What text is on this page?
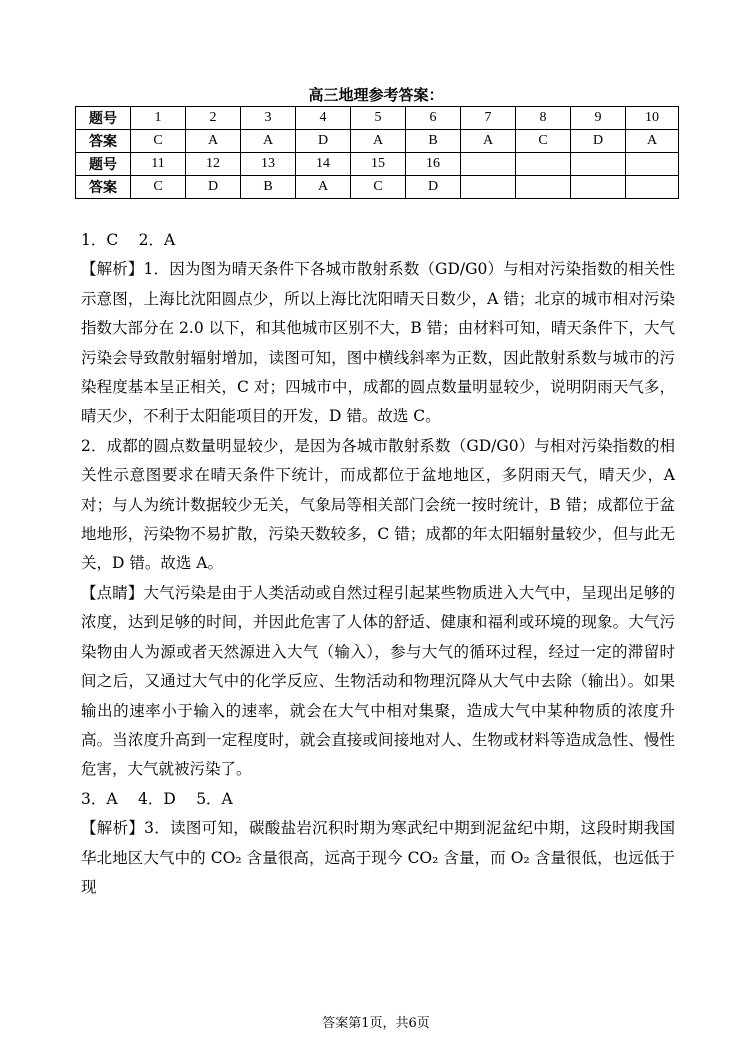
高三地理参考答案：
题号	1	2	3	4	5	6	7	8	9	10
答案	C	A	A	D	A	B	A	C	D	A
题号	11	12	13	14	15	16				
答案	C	D	B	A	C	D				

1．C　 2．A

【解析】1．因为图为晴天条件下各城市散射系数（GD/G0）与相对污染指数的相关性示意图，上海比沈阳圆点少，所以上海比沈阳晴天日数少，A 错；北京的城市相对污染指数大部分在 2.0 以下，和其他城市区别不大，B 错；由材料可知，晴天条件下，大气污染会导致散射辐射增加，读图可知，图中横线斜率为正数，因此散射系数与城市的污染程度基本呈正相关，C 对；四城市中，成都的圆点数量明显较少，说明阴雨天气多，晴天少，不利于太阳能项目的开发，D 错。故选 C。

2．成都的圆点数量明显较少，是因为各城市散射系数（GD/G0）与相对污染指数的相关性示意图要求在晴天条件下统计，而成都位于盆地地区，多阴雨天气，晴天少，A 对；与人为统计数据较少无关，气象局等相关部门会统一按时统计，B 错；成都位于盆地地形，污染物不易扩散，污染天数较多，C 错；成都的年太阳辐射量较少，但与此无关，D 错。故选 A。

【点睛】大气污染是由于人类活动或自然过程引起某些物质进入大气中，呈现出足够的浓度，达到足够的时间，并因此危害了人体的舒适、健康和福利或环境的现象。大气污染物由人为源或者天然源进入大气（输入），参与大气的循环过程，经过一定的滞留时间之后，又通过大气中的化学反应、生物活动和物理沉降从大气中去除（输出）。如果输出的速率小于输入的速率，就会在大气中相对集聚，造成大气中某种物质的浓度升高。当浓度升高到一定程度时，就会直接或间接地对人、生物或材料等造成急性、慢性危害，大气就被污染了。

3．A　 4．D　 5．A

【解析】3．读图可知，碳酸盐岩沉积时期为寒武纪中期到泥盆纪中期，这段时期我国华北地区大气中的 CO₂ 含量很高，远高于现今 CO₂ 含量，而 O₂ 含量很低，也远低于现

答案第1页，共6页
